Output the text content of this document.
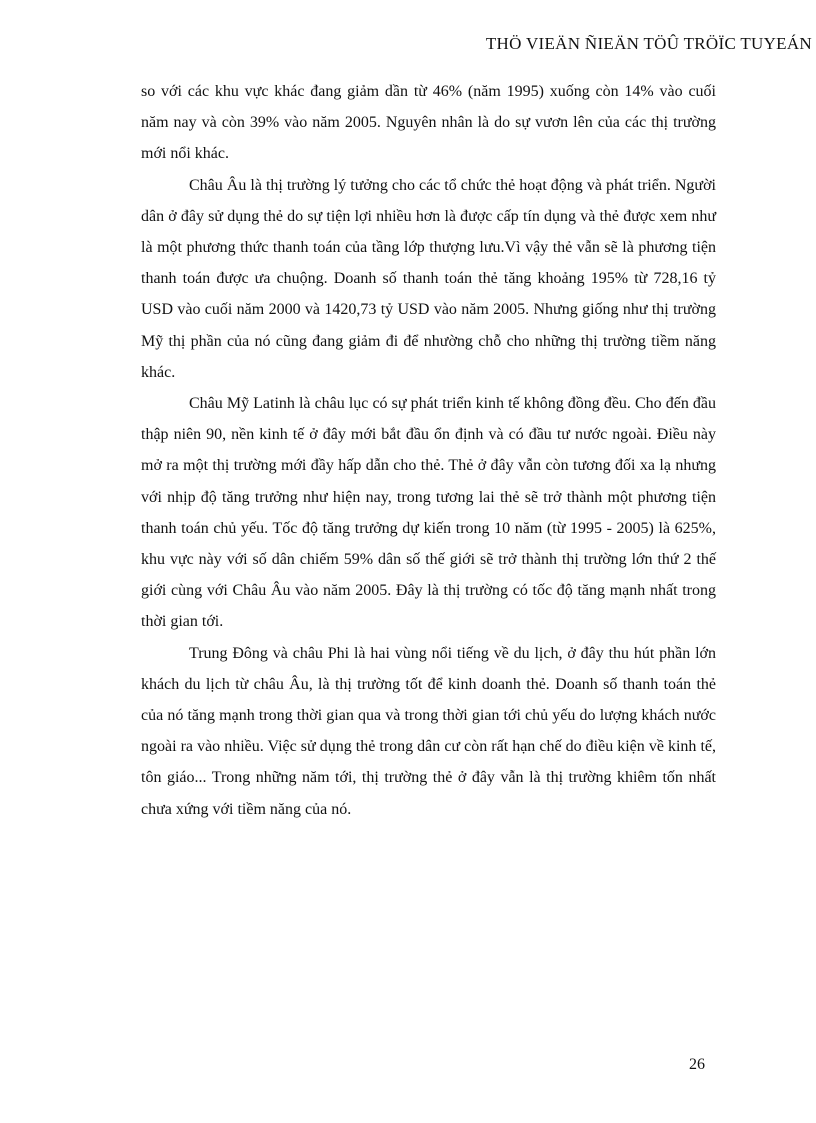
THÖ VIEÄN ÑIEÄN TÖÛ TRÖÏC TUYEÁN

so với các khu vực khác đang giảm dần từ 46% (năm 1995) xuống còn 14% vào cuối năm nay và còn 39% vào năm 2005. Nguyên nhân là do sự vươn lên của các thị trường mới nổi khác.

Châu Âu là thị trường lý tưởng cho các tổ chức thẻ hoạt động và phát triển. Người dân ở đây sử dụng thẻ do sự tiện lợi nhiều hơn là được cấp tín dụng và thẻ được xem như là một phương thức thanh toán của tầng lớp thượng lưu.Vì vậy thẻ vẫn sẽ là phương tiện thanh toán được ưa chuộng. Doanh số thanh toán thẻ tăng khoảng 195% từ 728,16 tỷ USD vào cuối năm 2000 và 1420,73 tỷ USD vào năm 2005. Nhưng giống như thị trường Mỹ thị phần của nó cũng đang giảm đi để nhường chỗ cho những thị trường tiềm năng khác.

Châu Mỹ Latinh là châu lục có sự phát triển kinh tế không đồng đều. Cho đến đầu thập niên 90, nền kinh tế ở đây mới bắt đầu ổn định và có đầu tư nước ngoài. Điều này mở ra một thị trường mới đầy hấp dẫn cho thẻ. Thẻ ở đây vẫn còn tương đối xa lạ nhưng với nhịp độ tăng trưởng như hiện nay, trong tương lai thẻ sẽ trở thành một phương tiện thanh toán chủ yếu. Tốc độ tăng trưởng dự kiến trong 10 năm (từ 1995 - 2005) là 625%, khu vực này với số dân chiếm 59% dân số thế giới sẽ trở thành thị trường lớn thứ 2 thế giới cùng với Châu Âu vào năm 2005. Đây là thị trường có tốc độ tăng mạnh nhất trong thời gian tới.

Trung Đông và châu Phi là hai vùng nổi tiếng về du lịch, ở đây thu hút phần lớn khách du lịch từ châu Âu, là thị trường tốt để kinh doanh thẻ. Doanh số thanh toán thẻ của nó tăng mạnh trong thời gian qua và trong thời gian tới chủ yếu do lượng khách nước ngoài ra vào nhiều. Việc sử dụng thẻ trong dân cư còn rất hạn chế do điều kiện về kinh tế, tôn giáo... Trong những năm tới, thị trường thẻ ở đây vẫn là thị trường khiêm tốn nhất chưa xứng với tiềm năng của nó.

26
